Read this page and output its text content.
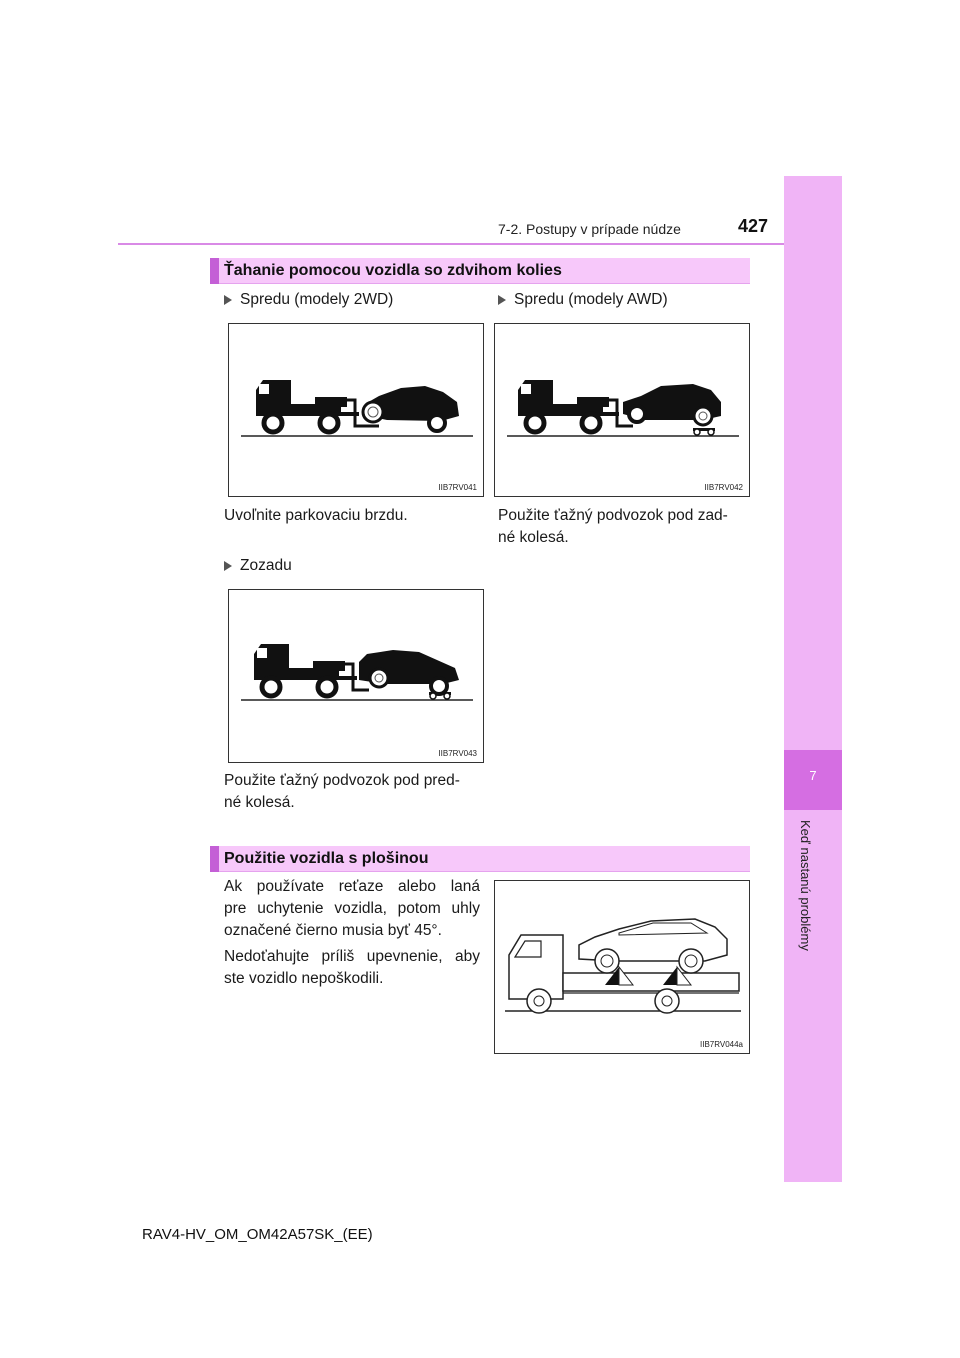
7-2. Postupy v prípade núdze	427
7
Keď nastanú problémy
Ťahanie pomocou vozidla so zdvihom kolies
Spredu (modely 2WD)	Spredu (modely AWD)
IIB7RV041	IIB7RV042
Uvoľnite parkovaciu brzdu.	Použite ťažný podvozok pod zad-
né kolesá.
Zozadu
IIB7RV043
Použite ťažný podvozok pod pred-
né kolesá.
Použitie vozidla s plošinou
Ak používate reťaze alebo laná
pre uchytenie vozidla, potom uhly
označené čierno musia byť 45°.
Nedoťahujte príliš upevnenie, aby
ste vozidlo nepoškodili.
IIB7RV044a
RAV4-HV_OM_OM42A57SK_(EE)
